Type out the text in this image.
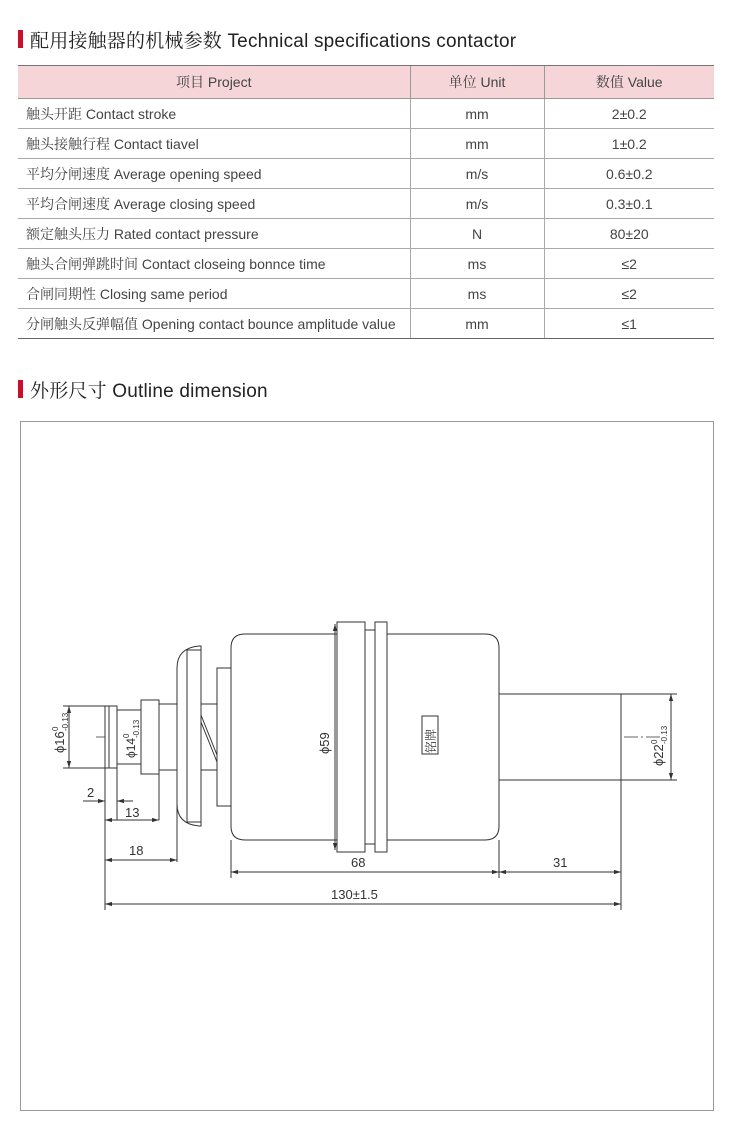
配用接触器的机械参数 Technical specifications contactor
项目 Project	单位 Unit	数值 Value
触头开距 Contact stroke	mm	2±0.2
触头接触行程 Contact tiavel	mm	1±0.2
平均分闸速度 Average opening speed	m/s	0.6±0.2
平均合闸速度 Average closing speed	m/s	0.3±0.1
额定触头压力 Rated contact pressure	N	80±20
触头合闸弹跳时间 Contact closeing bonnce time	ms	≤2
合闸同期性 Closing same period	ms	≤2
分闸触头反弹幅值 Opening contact bounce amplitude value	mm	≤1
外形尺寸 Outline dimension
ϕ16
0 -0.13
ϕ14
0 -0.13
ϕ59	铭牌
ϕ22
0 -0.13
2
13
18
68	31
130±1.5
